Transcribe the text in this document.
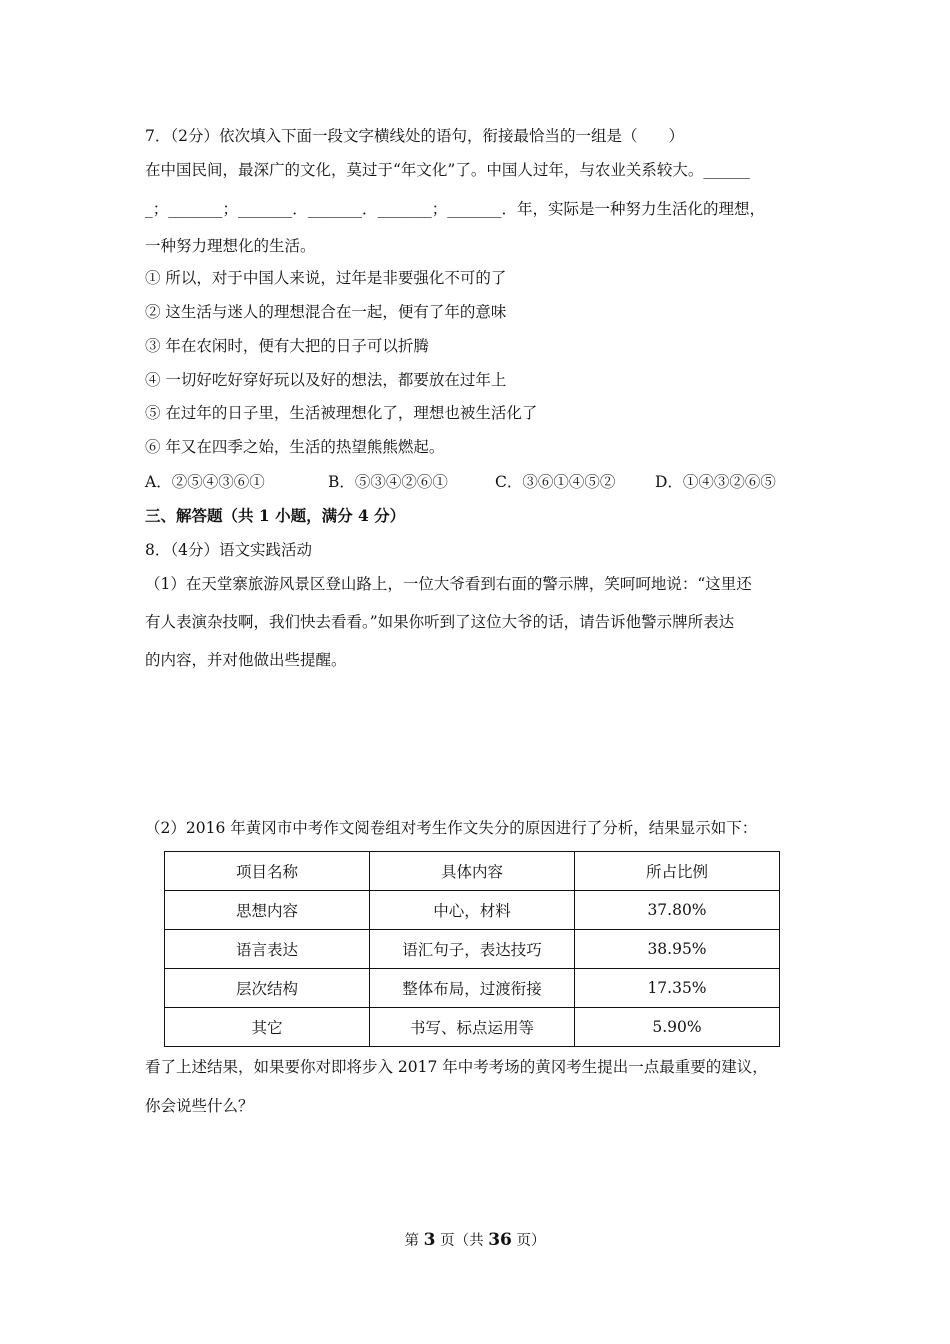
7．（2分）依次填入下面一段文字横线处的语句，衔接最恰当的一组是（　　）
在中国民间，最深广的文化，莫过于“年文化”了。中国人过年，与农业关系较大。______
_；_______；_______．_______．_______；_______．年，实际是一种努力生活化的理想，
一种努力理想化的生活。
① 所以，对于中国人来说，过年是非要强化不可的了
② 这生活与迷人的理想混合在一起，便有了年的意味
③ 年在农闲时，便有大把的日子可以折腾
④ 一切好吃好穿好玩以及好的想法，都要放在过年上
⑤ 在过年的日子里，生活被理想化了，理想也被生活化了
⑥ 年又在四季之始，生活的热望熊熊燃起。
A．②⑤④③⑥①	B．⑤③④②⑥①	C．③⑥①④⑤②	D．①④③②⑥⑤
三、解答题（共 1 小题，满分 4 分）
8．（4分）语文实践活动
（1）在天堂寨旅游风景区登山路上，一位大爷看到右面的警示牌，笑呵呵地说：“这里还
有人表演杂技啊，我们快去看看。”如果你听到了这位大爷的话，请告诉他警示牌所表达
的内容，并对他做出些提醒。
（2）2016 年黄冈市中考作文阅卷组对考生作文失分的原因进行了分析，结果显示如下：
项目名称	具体内容	所占比例
思想内容	中心，材料	37.80%
语言表达	语汇句子，表达技巧	38.95%
层次结构	整体布局，过渡衔接	17.35%
其它	书写、标点运用等	5.90%
看了上述结果，如果要你对即将步入 2017 年中考考场的黄冈考生提出一点最重要的建议，
你会说些什么？
第 3 页（共 36 页）
